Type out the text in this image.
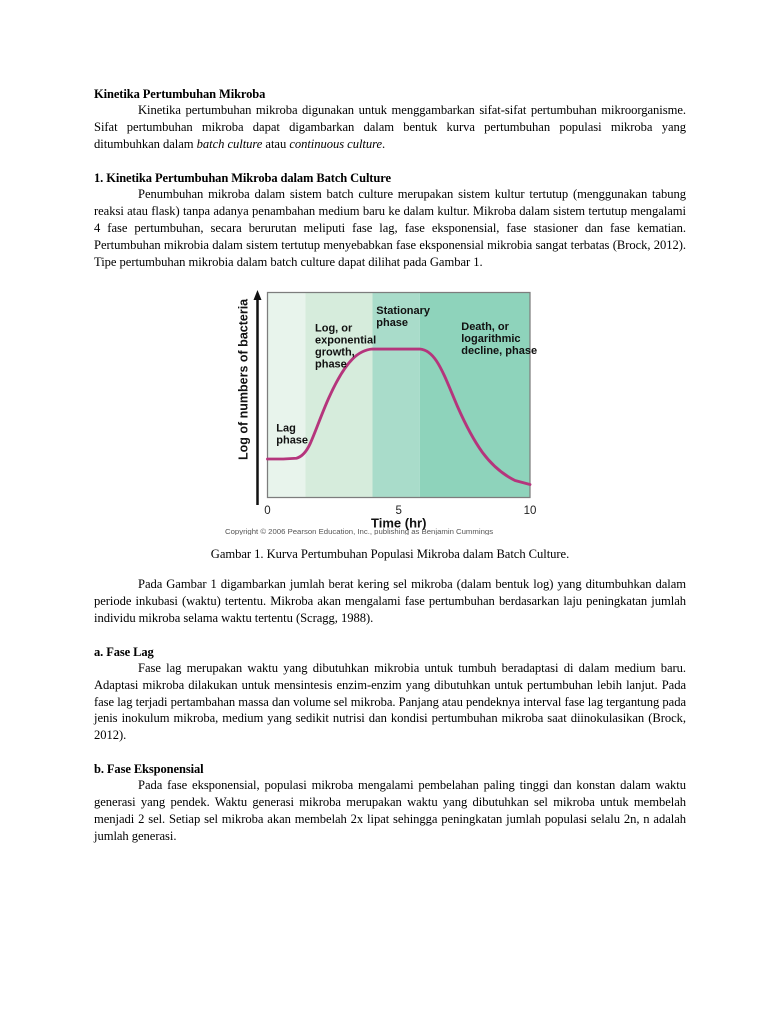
Kinetika Pertumbuhan Mikroba

Kinetika pertumbuhan mikroba digunakan untuk menggambarkan sifat-sifat pertumbuhan mikroorganisme. Sifat pertumbuhan mikroba dapat digambarkan dalam bentuk kurva pertumbuhan populasi mikroba yang ditumbuhkan dalam batch culture atau continuous culture.

1. Kinetika Pertumbuhan Mikroba dalam Batch Culture

Penumbuhan mikroba dalam sistem batch culture merupakan sistem kultur tertutup (menggunakan tabung reaksi atau flask) tanpa adanya penambahan medium baru ke dalam kultur. Mikroba dalam sistem tertutup mengalami 4 fase pertumbuhan, secara berurutan meliputi fase lag, fase eksponensial, fase stasioner dan fase kematian. Pertumbuhan mikrobia dalam sistem tertutup menyebabkan fase eksponensial mikrobia sangat terbatas (Brock, 2012). Tipe pertumbuhan mikrobia dalam batch culture dapat dilihat pada Gambar 1.

Log of numbers of bacteria	Lag
phase
Log, or
exponential
growth,
phase
Stationary
phase	Death, or
logarithmic
decline, phase
0	5	10
Time (hr)
Copyright © 2006 Pearson Education, Inc., publishing as Benjamin Cummings
Gambar 1. Kurva Pertumbuhan Populasi Mikroba dalam Batch Culture.

Pada Gambar 1 digambarkan jumlah berat kering sel mikroba (dalam bentuk log) yang ditumbuhkan dalam periode inkubasi (waktu) tertentu. Mikroba akan mengalami fase pertumbuhan berdasarkan laju peningkatan jumlah individu mikroba selama waktu tertentu (Scragg, 1988).

a. Fase Lag

Fase lag merupakan waktu yang dibutuhkan mikrobia untuk tumbuh beradaptasi di dalam medium baru. Adaptasi mikroba dilakukan untuk mensintesis enzim-enzim yang dibutuhkan untuk pertumbuhan lebih lanjut. Pada fase lag terjadi pertambahan massa dan volume sel mikroba. Panjang atau pendeknya interval fase lag tergantung pada jenis inokulum mikroba, medium yang sedikit nutrisi dan kondisi pertumbuhan mikroba saat diinokulasikan (Brock, 2012).

b. Fase Eksponensial

Pada fase eksponensial, populasi mikroba mengalami pembelahan paling tinggi dan konstan dalam waktu generasi yang pendek. Waktu generasi mikroba merupakan waktu yang dibutuhkan sel mikroba untuk membelah menjadi 2 sel. Setiap sel mikroba akan membelah 2x lipat sehingga peningkatan jumlah populasi selalu 2n, n adalah jumlah generasi.
